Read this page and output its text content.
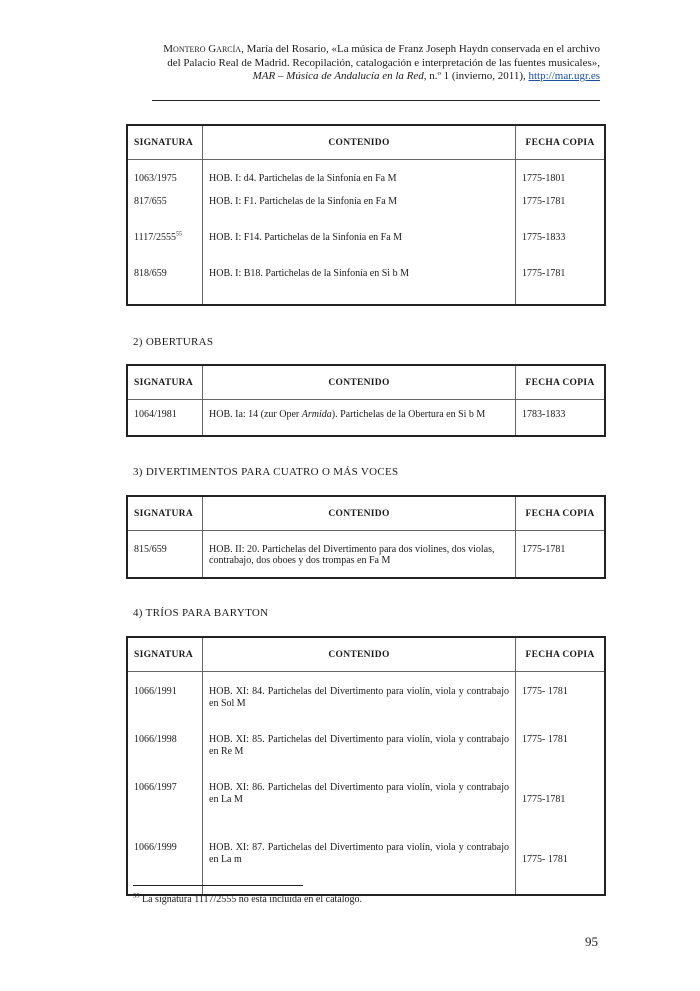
Montero García, María del Rosario, «La música de Franz Joseph Haydn conservada en el archivo del Palacio Real de Madrid. Recopilación, catalogación e interpretación de las fuentes musicales», MAR – Música de Andalucía en la Red, n.º 1 (invierno, 2011), http://mar.ugr.es
SIGNATURA	CONTENIDO	FECHA COPIA
1063/1975	HOB. I: d4. Partichelas de la Sinfonía en Fa M	1775-1801
817/655	HOB. I: F1. Partichelas de la Sinfonía en Fa M	1775-1781
1117/2555$^{55}$	HOB. I: F14. Partichelas de la Sinfonía en Fa M	1775-1833
818/659	HOB. I: B18. Partichelas de la Sinfonía en Si b M	1775-1781
2) OBERTURAS
SIGNATURA	CONTENIDO	FECHA COPIA
1064/1981	HOB. Ia: 14 (zur Oper Armida). Partichelas de la Obertura en Si b M	1783-1833
3) DIVERTIMENTOS PARA CUATRO O MÁS VOCES
SIGNATURA	CONTENIDO	FECHA COPIA
815/659	HOB. II: 20. Partichelas del Divertimento para dos violines, dos violas, contrabajo, dos oboes y dos trompas en Fa M	1775-1781
4) TRÍOS PARA BARYTON
SIGNATURA	CONTENIDO	FECHA COPIA
1066/1991	HOB. XI: 84. Partichelas del Divertimento para violín, viola y contrabajo en Sol M	1775- 1781
1066/1998	HOB. XI: 85. Partichelas del Divertimento para violín, viola y contrabajo en Re M	1775- 1781
1066/1997	HOB. XI: 86. Partichelas del Divertimento para violín, viola y contrabajo en La M	1775-1781
1066/1999	HOB. XI: 87. Partichelas del Divertimento para violín, viola y contrabajo en La m	1775- 1781
$^{55}$ La signatura 1117/2555 no está incluida en el catálogo.
95
